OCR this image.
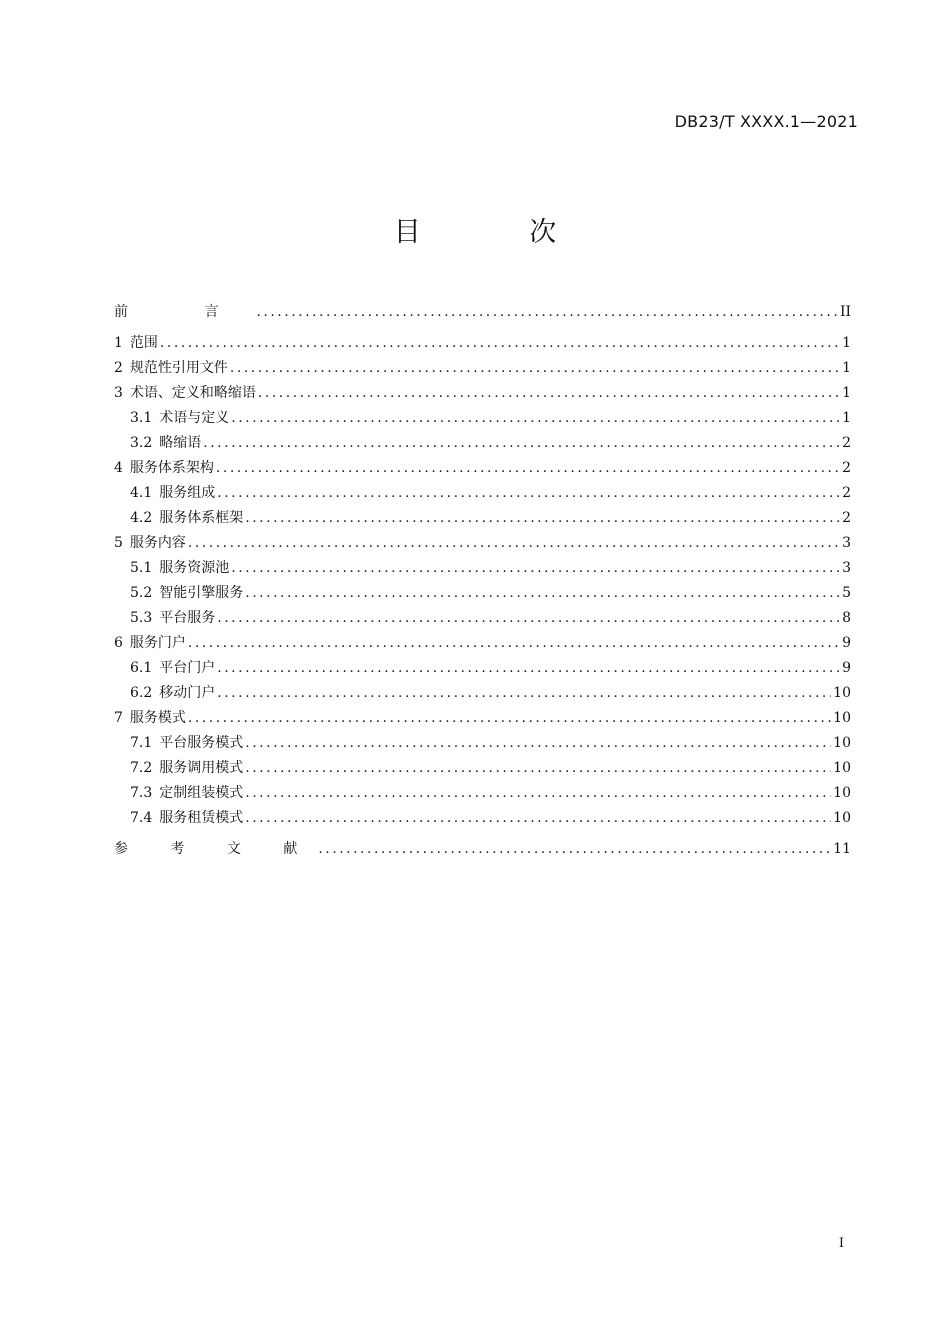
DB23/T XXXX.1—2021
目 次
前 言 .....	II
1 范围 .....	1
2 规范性引用文件 .....	1
3 术语、定义和略缩语 .....	1
3.1 术语与定义 .....	1
3.2 略缩语 .....	2
4 服务体系架构 .....	2
4.1 服务组成 .....	2
4.2 服务体系框架 .....	2
5 服务内容 .....	3
5.1 服务资源池 .....	3
5.2 智能引擎服务 .....	5
5.3 平台服务 .....	8
6 服务门户 .....	9
6.1 平台门户 .....	9
6.2 移动门户 .....	10
7 服务模式 .....	10
7.1 平台服务模式 .....	10
7.2 服务调用模式 .....	10
7.3 定制组装模式 .....	10
7.4 服务租赁模式 .....	10
参 考 文 献 .....	11
I
